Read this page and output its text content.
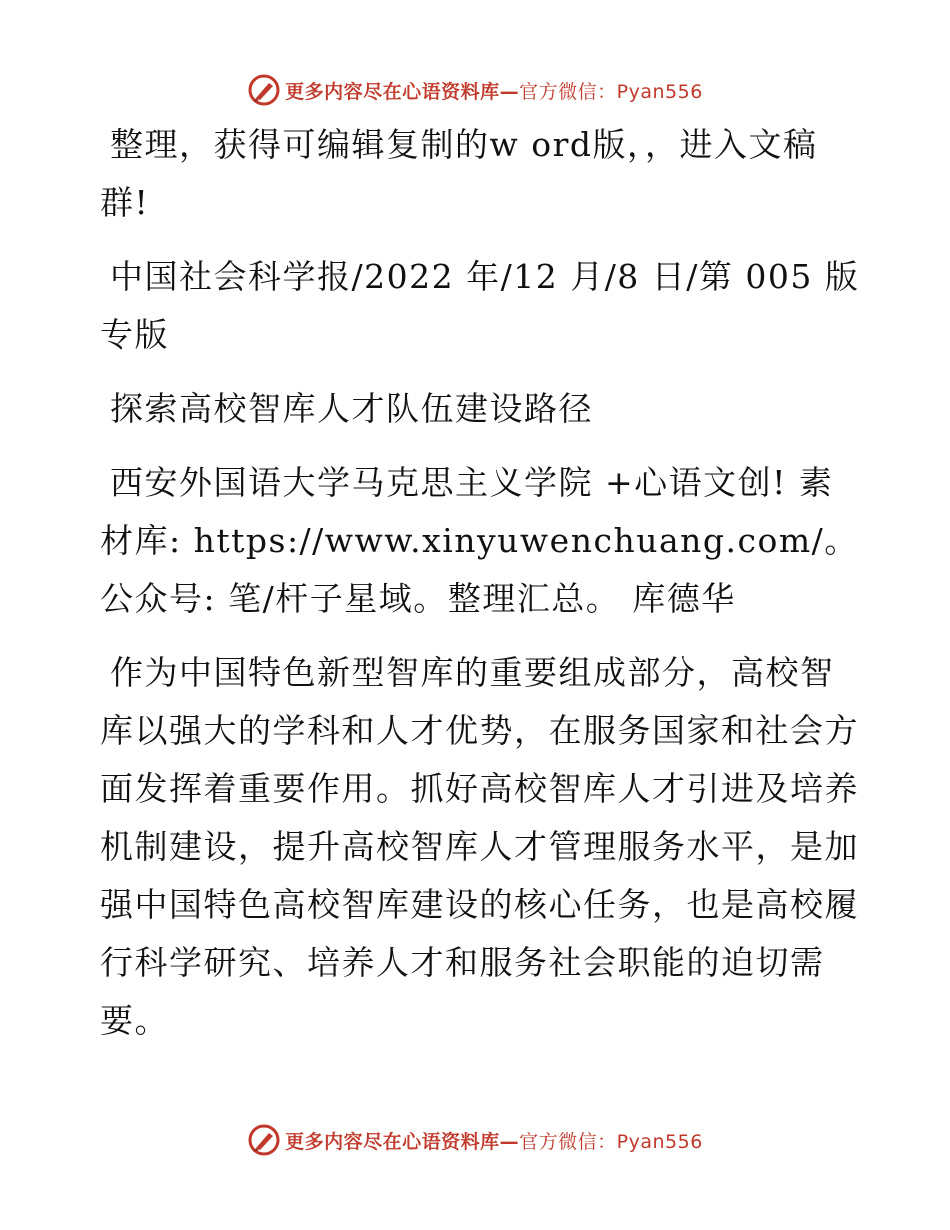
更多内容尽在心语资料库—官方微信：Pyan556

整理，获得可编辑复制的w ord版，，进入文稿群!

中国社会科学报/2022 年/12 月/8 日/第 005 版专版

探索高校智库人才队伍建设路径

西安外国语大学马克思主义学院 +心语文创! 素材库: https://www.xinyuwenchuang.com/。公众号: 笔/杆子星域。整理汇总。 库德华

作为中国特色新型智库的重要组成部分，高校智库以强大的学科和人才优势，在服务国家和社会方面发挥着重要作用。抓好高校智库人才引进及培养机制建设，提升高校智库人才管理服务水平，是加强中国特色高校智库建设的核心任务，也是高校履行科学研究、培养人才和服务社会职能的迫切需要。

更多内容尽在心语资料库—官方微信：Pyan556
